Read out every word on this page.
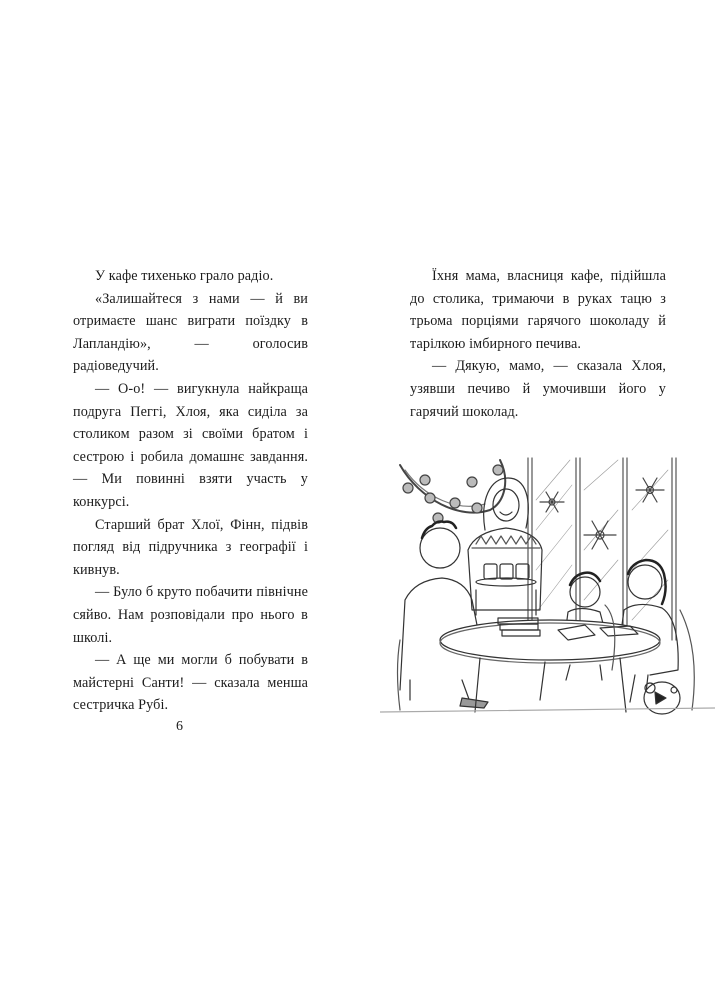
У кафе тихенько грало радіо.

«Залишайтеся з нами — й ви отримаєте шанс виграти поїздку в Лапландію», — оголосив радіоведучий.

— О-о! — вигукнула найкраща подруга Пеггі, Хлоя, яка сиділа за столиком разом зі своїми братом і сестрою і робила домашнє завдання. — Ми повинні взяти участь у конкурсі.

Старший брат Хлої, Фінн, підвів погляд від підручника з географії і кивнув.

— Було б круто побачити північне сяйво. Нам розповідали про нього в школі.

— А ще ми могли б побувати в майстерні Санти! — сказала менша сестричка Рубі.

6

Їхня мама, власниця кафе, підійшла до столика, тримаючи в руках тацю з трьома порціями гарячого шоколаду й тарілкою імбирного печива.

— Дякую, мамо, — сказала Хлоя, узявши печиво й умочивши його у гарячий шоколад.
